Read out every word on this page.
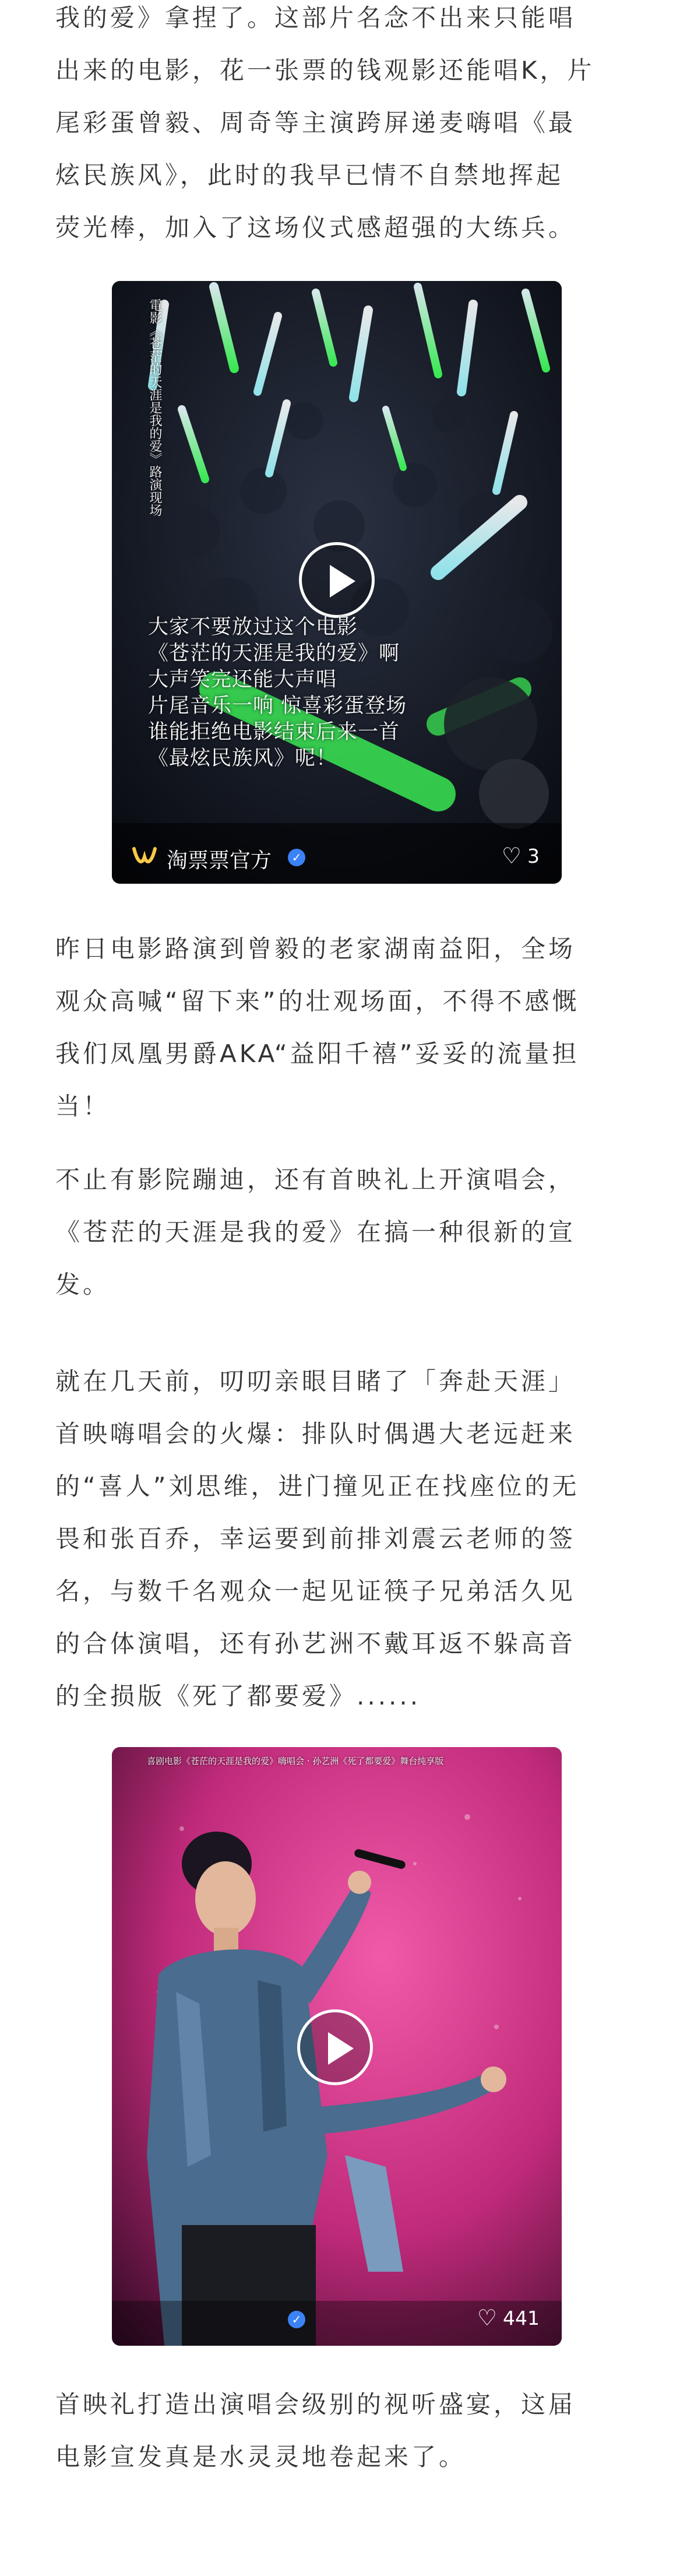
我的爱》拿捏了。这部片名念不出来只能唱
出来的电影，花一张票的钱观影还能唱K，片
尾彩蛋曾毅、周奇等主演跨屏递麦嗨唱《最
炫民族风》，此时的我早已情不自禁地挥起
荧光棒，加入了这场仪式感超强的大练兵。
電影《苍茫的天涯是我的爱》路演现场
大家不要放过这个电影
《苍茫的天涯是我的爱》啊
大声笑完还能大声唱
片尾音乐一响 惊喜彩蛋登场
谁能拒绝电影结束后来一首
《最炫民族风》呢！
淘票票官方	✓	♡ 3
昨日电影路演到曾毅的老家湖南益阳，全场
观众高喊“留下来”的壮观场面，不得不感慨
我们凤凰男爵AKA“益阳千禧”妥妥的流量担
当！
不止有影院蹦迪，还有首映礼上开演唱会，
《苍茫的天涯是我的爱》在搞一种很新的宣
发。
就在几天前，叨叨亲眼目睹了「奔赴天涯」
首映嗨唱会的火爆：排队时偶遇大老远赶来
的“喜人”刘思维，进门撞见正在找座位的无
畏和张百乔，幸运要到前排刘震云老师的签
名，与数千名观众一起见证筷子兄弟活久见
的合体演唱，还有孙艺洲不戴耳返不躲高音
的全损版《死了都要爱》......
喜剧电影《苍茫的天涯是我的爱》嗨唱会 · 孙艺洲《死了都要爱》舞台纯享版
✓	♡ 441
首映礼打造出演唱会级别的视听盛宴，这届
电影宣发真是水灵灵地卷起来了。
